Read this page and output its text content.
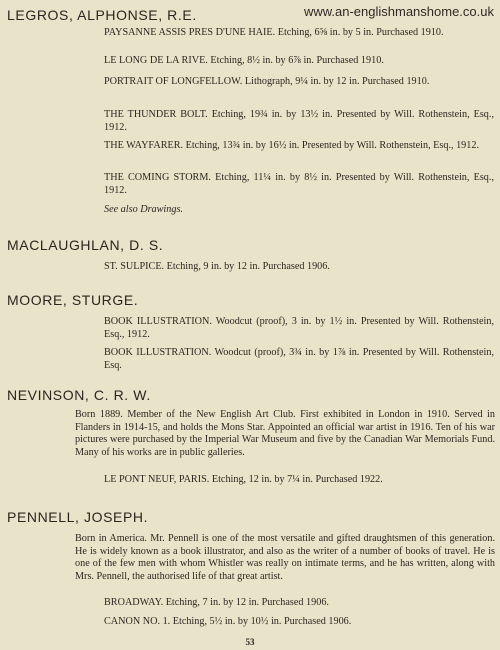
www.an-englishmanshome.co.uk
LEGROS, ALPHONSE, R.E.
PAYSANNE ASSIS PRES D'UNE HAIE. Etching, 6⅝ in. by 5 in. Purchased 1910.
LE LONG DE LA RIVE. Etching, 8½ in. by 6⅞ in. Purchased 1910.
PORTRAIT OF LONGFELLOW. Lithograph, 9¼ in. by 12 in. Purchased 1910.
THE THUNDER BOLT. Etching, 19¾ in. by 13½ in. Presented by Will. Rothenstein, Esq., 1912.
THE WAYFARER. Etching, 13¾ in. by 16½ in. Presented by Will. Rothenstein, Esq., 1912.
THE COMING STORM. Etching, 11¼ in. by 8½ in. Presented by Will. Rothenstein, Esq., 1912.
See also Drawings.
MACLAUGHLAN, D. S.
ST. SULPICE. Etching, 9 in. by 12 in. Purchased 1906.
MOORE, STURGE.
BOOK ILLUSTRATION. Woodcut (proof), 3 in. by 1½ in. Presented by Will. Rothenstein, Esq., 1912.
BOOK ILLUSTRATION. Woodcut (proof), 3¾ in. by 1⅞ in. Presented by Will. Rothenstein, Esq.
NEVINSON, C. R. W.
Born 1889. Member of the New English Art Club. First exhibited in London in 1910. Served in Flanders in 1914-15, and holds the Mons Star. Appointed an official war artist in 1916. Ten of his war pictures were purchased by the Imperial War Museum and five by the Canadian War Memorials Fund. Many of his works are in public galleries.
LE PONT NEUF, PARIS. Etching, 12 in. by 7¼ in. Purchased 1922.
PENNELL, JOSEPH.
Born in America. Mr. Pennell is one of the most versatile and gifted draughtsmen of this generation. He is widely known as a book illustrator, and also as the writer of a number of books of travel. He is one of the few men with whom Whistler was really on intimate terms, and he has written, along with Mrs. Pennell, the authorised life of that great artist.
BROADWAY. Etching, 7 in. by 12 in. Purchased 1906.
CANON NO. 1. Etching, 5½ in. by 10½ in. Purchased 1906.
53
